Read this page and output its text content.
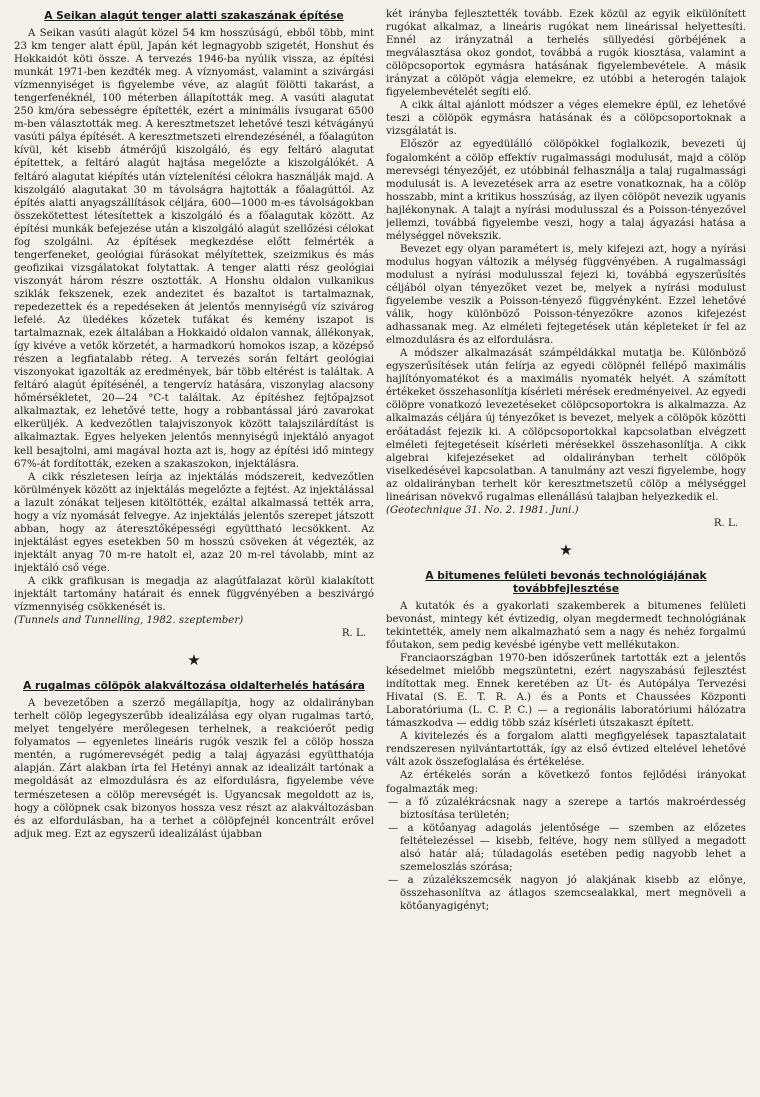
A Seikan alagút tenger alatti szakaszának építése

A Seikan vasúti alagút közel 54 km hosszúságú, ebből több, mint 23 km tenger alatt épül, Japán két legnagyobb szigetét, Honshut és Hokkaidót köti össze. A tervezés 1946-ba nyúlik vissza, az építési munkát 1971-ben kezdték meg. A víznyomást, valamint a szivárgási vízmennyiséget is figyelembe véve, az alagút fölötti takarást, a tengerfenéknél, 100 méterben állapították meg. A vasúti alagutat 250 km/óra sebességre építették, ezért a minimális ívsugarat 6500 m-ben választották meg. A keresztmetszet lehetővé teszi kétvágányú vasúti pálya építését. A keresztmetszeti elrendezésénél, a főalagúton kívül, két kisebb átmérőjű kiszolgáló, és egy feltáró alagutat építettek, a feltáró alagút hajtása megelőzte a kiszolgálókét. A feltáró alagutat kiépítés után víztelenítési célokra használják majd. A kiszolgáló alagutakat 30 m távolságra hajtották a főalagúttól. Az építés alatti anyagszállítások céljára, 600—1000 m-es távolságokban összekötettest létesítettek a kiszolgáló és a főalagutak között. Az építési munkák befejezése után a kiszolgáló alagút szellőzési célokat fog szolgálni. Az építések megkezdése előtt felmérték a tengerfeneket, geológiai fúrásokat mélyítettek, szeizmikus és más geofizikai vizsgálatokat folytattak. A tenger alatti rész geológiai viszonyát három részre osztották. A Honshu oldalon vulkanikus sziklák fekszenek, ezek andezitet és bazaltot is tartalmaznak, repedezettek és a repedéseken át jelentős mennyiségű víz szivárog lefelé. Az üledékes kőzetek tufákat és kemény iszapot is tartalmaznak, ezek általában a Hokkaidó oldalon vannak, állékonyak, így kivéve a vetők körzetét, a harmadkorú homokos iszap, a középső részen a legfiatalabb réteg. A tervezés során feltárt geológiai viszonyokat igazolták az eredmények, bár több eltérést is találtak. A feltáró alagút építésénél, a tengervíz hatására, viszonylag alacsony hőmérsékletet, 20—24 °C-t találtak. Az építéshez fejtőpajzsot alkalmaztak, ez lehetővé tette, hogy a robbantással járó zavarokat elkerüljék. A kedvezőtlen talajviszonyok között talajszilárdítást is alkalmaztak. Egyes helyeken jelentős mennyiségű injektáló anyagot kell besajtolni, ami magával hozta azt is, hogy az építési idő mintegy 67%-át fordították, ezeken a szakaszokon, injektálásra.

A cikk részletesen leírja az injektálás módszereit, kedvezőtlen körülmények között az injektálás megelőzte a fejtést. Az injektálással a lazult zónákat teljesen kitöltötték, ezáltal alkalmassá tették arra, hogy a víz nyomását felvegye. Az injektálás jelentős szerepet játszott abban, hogy az áteresztőképességi együttható lecsökkent. Az injektálást egyes esetekben 50 m hosszú csöveken át végezték, az injektált anyag 70 m-re hatolt el, azaz 20 m-rel távolabb, mint az injektáló cső vége.

A cikk grafikusan is megadja az alagútfalazat körül kialakított injektált tartomány határait és ennek függvényében a beszivárgó vízmennyiség csökkenését is.

(Tunnels and Tunnelling, 1982. szeptember)

R. L.
★
A rugalmas cölöpök alakváltozása oldalterhelés hatására

A bevezetőben a szerző megállapítja, hogy az oldalirányban terhelt cölöp legegyszerűbb idealizálása egy olyan rugalmas tartó, melyet tengelyére merőlegesen terhelnek, a reakcióerőt pedig folyamatos — egyenletes lineáris rugók veszik fel a cölöp hossza mentén, a rugómerevségét pedig a talaj ágyazási együtthatója alapján. Zárt alakban írta fel Hetényi annak az idealizált tartónak a megoldását az elmozdulásra és az elfordulásra, figyelembe véve természetesen a cölöp merevségét is. Ugyancsak megoldott az is, hogy a cölöpnek csak bizonyos hossza vesz részt az alakváltozásban és az elfordulásban, ha a terhet a cölöpfejnél koncentrált erővel adjuk meg. Ezt az egyszerű idealizálást újabban

két irányba fejlesztették tovább. Ezek közül az egyik elkülönített rugókat alkalmaz, a lineáris rugókat nem lineárissal helyettesíti. Ennél az irányzatnál a terhelés süllyedési görbéjének a megválasztása okoz gondot, továbbá a rugók kiosztása, valamint a cölöpcsoportok egymásra hatásának figyelembevétele. A másik irányzat a cölöpöt vágja elemekre, ez utóbbi a heterogén talajok figyelembevételét segíti elő.

A cikk által ajánlott módszer a véges elemekre épül, ez lehetővé teszi a cölöpök egymásra hatásának és a cölöpcsoportoknak a vizsgálatát is.

Először az egyedülálló cölöpökkel foglalkozik, bevezeti új fogalomként a cölöp effektív rugalmassági modulusát, majd a cölöp merevségi tényezőjét, ez utóbbinál felhasználja a talaj rugalmassági modulusát is. A levezetések arra az esetre vonatkoznak, ha a cölöp hosszabb, mint a kritikus hosszúság, az ilyen cölöpöt nevezik ugyanis hajlékonynak. A talajt a nyírási modulusszal és a Poisson-tényezővel jellemzi, továbbá figyelembe veszi, hogy a talaj ágyazási hatása a mélységgel növekszik.

Bevezet egy olyan paramétert is, mely kifejezi azt, hogy a nyírási modulus hogyan változik a mélység függvényében. A rugalmassági modulust a nyírási modulusszal fejezi ki, továbbá egyszerűsítés céljából olyan tényezőket vezet be, melyek a nyírási modulust figyelembe veszik a Poisson-tényező függvényként. Ezzel lehetővé válik, hogy különböző Poisson-tényezőkre azonos kifejezést adhassanak meg. Az elméleti fejtegetések után képleteket ír fel az elmozdulásra és az elfordulásra.

A módszer alkalmazását számpéldákkal mutatja be. Különböző egyszerűsítések után felírja az egyedi cölöpnél fellépő maximális hajlítónyomatékot és a maximális nyomaték helyét. A számított értékeket összehasonlítja kísérleti mérések eredményeivel. Az egyedi cölöpre vonatkozó levezetéseket cölöpcsoportokra is alkalmazza. Az alkalmazás céljára új tényezőket is bevezet, melyek a cölöpök közötti erőátadást fejezik ki. A cölöpcsoportokkal kapcsolatban elvégzett elméleti fejtegetéseit kísérleti mérésekkel összehasonlítja. A cikk algebrai kifejezéseket ad oldalirányban terhelt cölöpök viselkedésével kapcsolatban. A tanulmány azt veszi figyelembe, hogy az oldalirányban terhelt kör keresztmetszetű cölöp a mélységgel lineárisan növekvő rugalmas ellenállású talajban helyezkedik el.

(Geotechnique 31. No. 2. 1981. Juni.)

R. L.
★
A bitumenes felületi bevonás technológiájának továbbfejlesztése

A kutatók és a gyakorlati szakemberek a bitumenes felületi bevonást, mintegy két évtizedig, olyan megdermedt technológiának tekintették, amely nem alkalmazható sem a nagy és nehéz forgalmú főutakon, sem pedig kevésbé igénybe vett mellékutakon.

Franciaországban 1970-ben időszerűnek tartották ezt a jelentős késedelmet mielőbb megszüntetni, ezért nagyszabású fejlesztést indítottak meg. Ennek keretében az Út- és Autópálya Tervezési Hivatal (S. E. T. R. A.) és a Ponts et Chaussées Központi Laboratóriuma (L. C. P. C.) — a regionális laboratóriumi hálózatra támaszkodva — eddig több száz kísérleti útszakaszt épített.

A kivitelezés és a forgalom alatti megfigyelések tapasztalatait rendszeresen nyilvántartották, így az első évtized eltelével lehetővé vált azok összefoglalása és értékelése.

Az értékelés során a következő fontos fejlődési irányokat fogalmazták meg:

— a fő zúzalékrácsnak nagy a szerepe a tartós makroérdesség biztosítása területén;
— a kötőanyag adagolás jelentősége — szemben az előzetes feltételezéssel — kisebb, feltéve, hogy nem süllyed a megadott alsó határ alá; túladagolás esetében pedig nagyobb lehet a szemeloszlás szórása;
— a zúzalékszemcsék nagyon jó alakjának kisebb az előnye, összehasonlítva az átlagos szemcsealakkal, mert megnöveli a kötőanyagigényt;
